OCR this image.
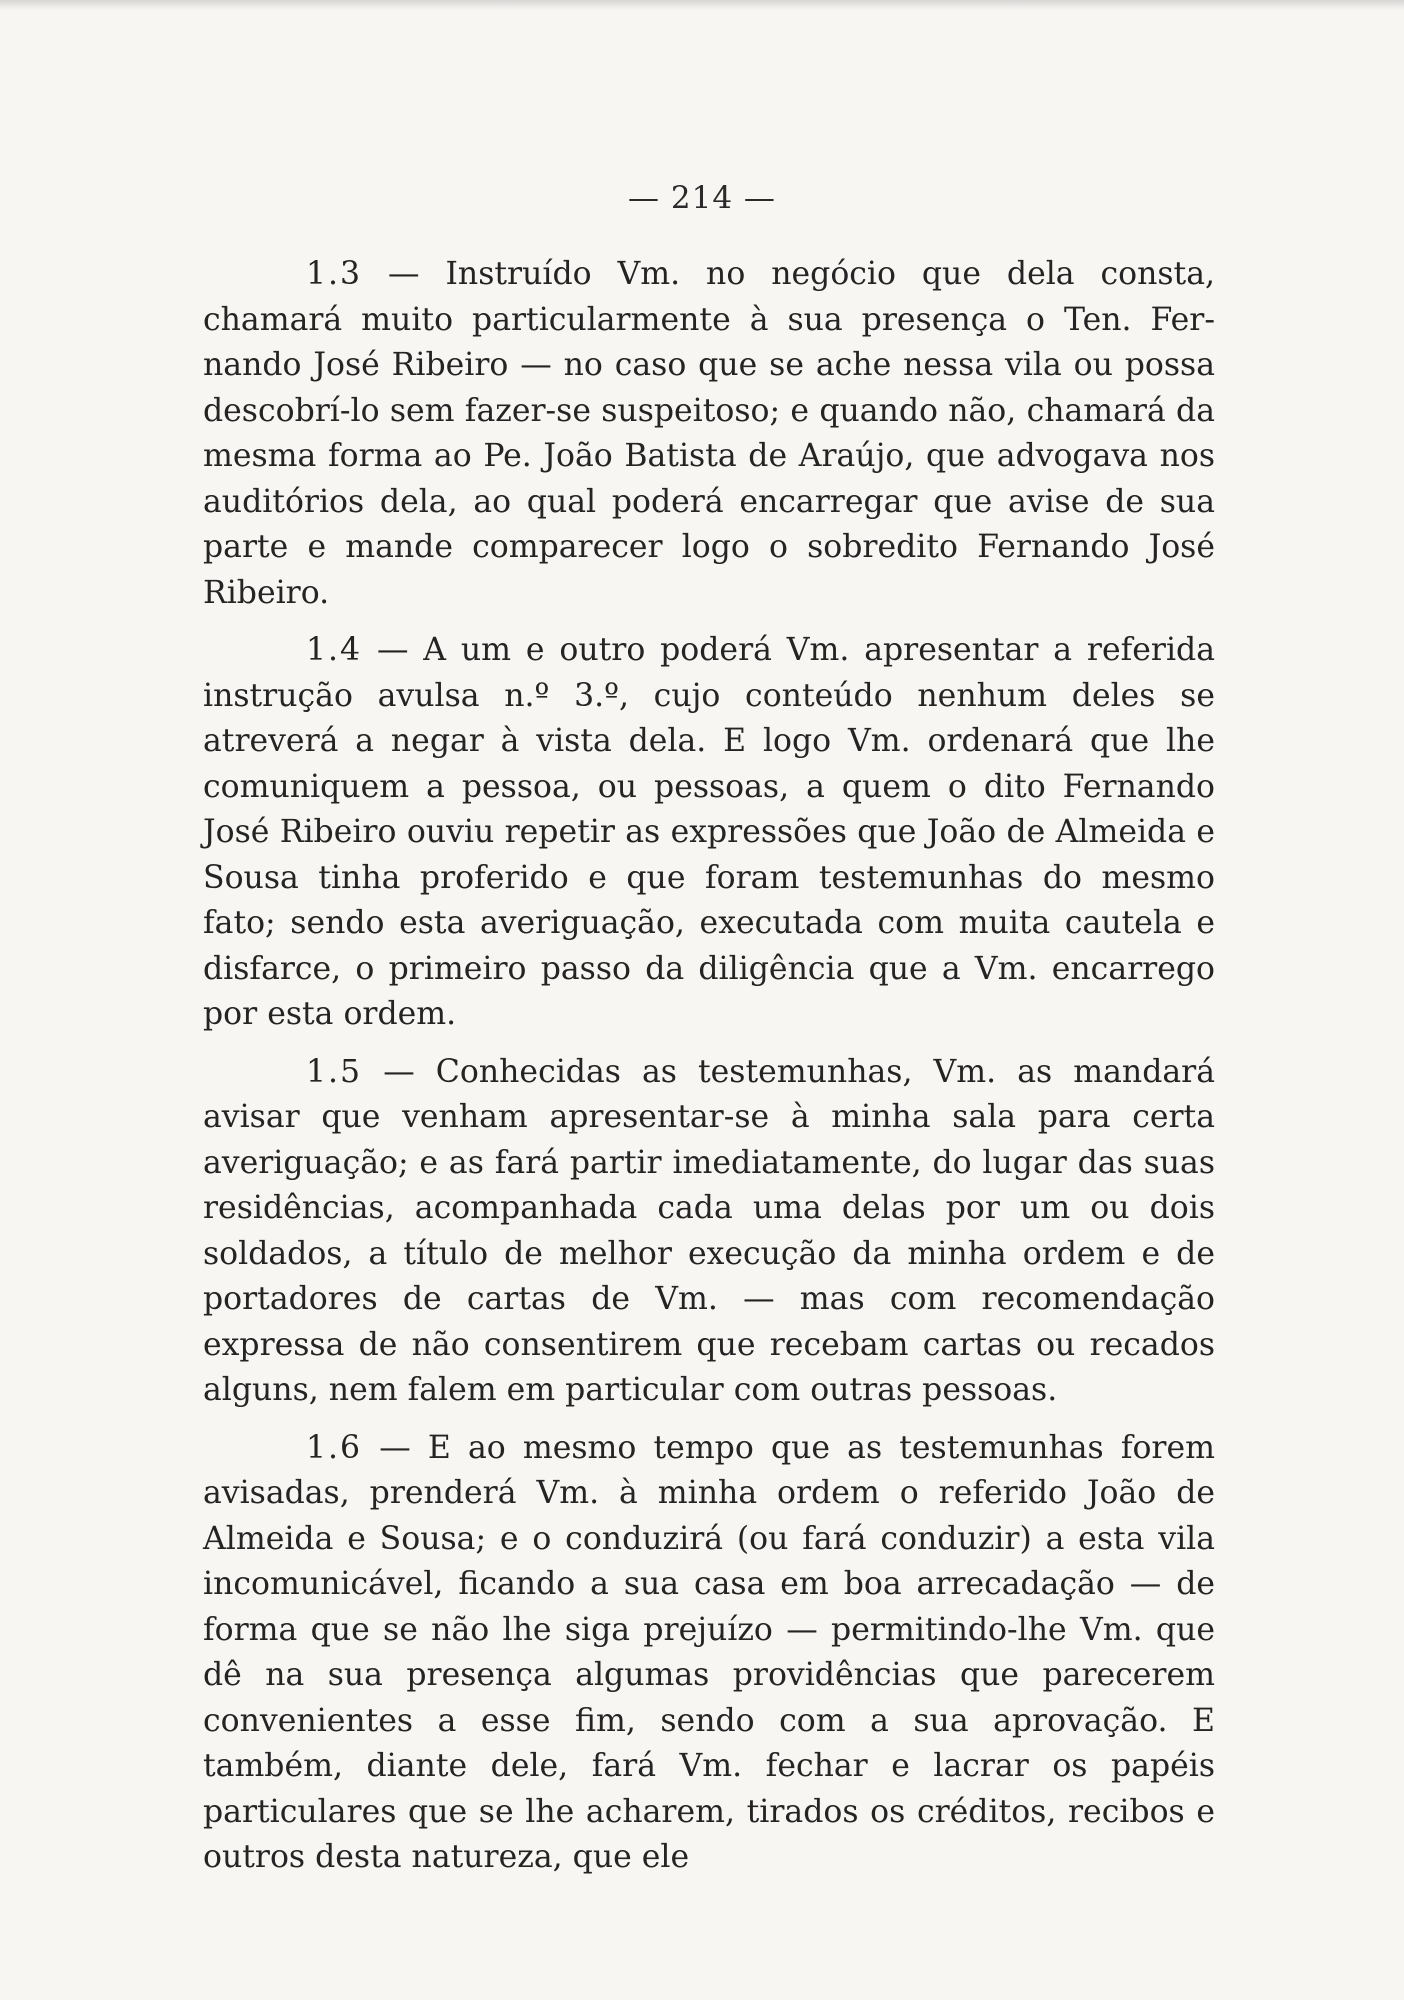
— 214 —

1.3 — Instruído Vm. no negócio que dela consta, chamará muito particularmente à sua presença o Ten. Fernando José Ribeiro — no caso que se ache nessa vila ou possa descobrí-lo sem fazer-se suspeitoso; e quando não, chamará da mesma forma ao Pe. João Batista de Araújo, que advogava nos auditórios dela, ao qual poderá encarregar que avise de sua parte e mande comparecer logo o sobredito Fernando José Ribeiro.

1.4 — A um e outro poderá Vm. apresentar a referida instrução avulsa n.º 3.º, cujo conteúdo nenhum deles se atreverá a negar à vista dela. E logo Vm. ordenará que lhe comuniquem a pessoa, ou pessoas, a quem o dito Fernando José Ribeiro ouviu repetir as expressões que João de Almeida e Sousa tinha proferido e que foram testemunhas do mesmo fato; sendo esta averiguação, executada com muita cautela e disfarce, o primeiro passo da diligência que a Vm. encarrego por esta ordem.

1.5 — Conhecidas as testemunhas, Vm. as mandará avisar que venham apresentar-se à minha sala para certa averiguação; e as fará partir imediatamente, do lugar das suas residências, acompanhada cada uma delas por um ou dois soldados, a título de melhor execução da minha ordem e de portadores de cartas de Vm. — mas com recomendação expressa de não consentirem que recebam cartas ou recados alguns, nem falem em particular com outras pessoas.

1.6 — E ao mesmo tempo que as testemunhas forem avisadas, prenderá Vm. à minha ordem o referido João de Almeida e Sousa; e o conduzirá (ou fará conduzir) a esta vila incomunicável, ficando a sua casa em boa arrecadação — de forma que se não lhe siga prejuízo — permitindo-lhe Vm. que dê na sua presença algumas providências que parecerem convenientes a esse fim, sendo com a sua aprovação. E também, diante dele, fará Vm. fechar e lacrar os papéis particulares que se lhe acharem, tirados os créditos, recibos e outros desta natureza, que ele
